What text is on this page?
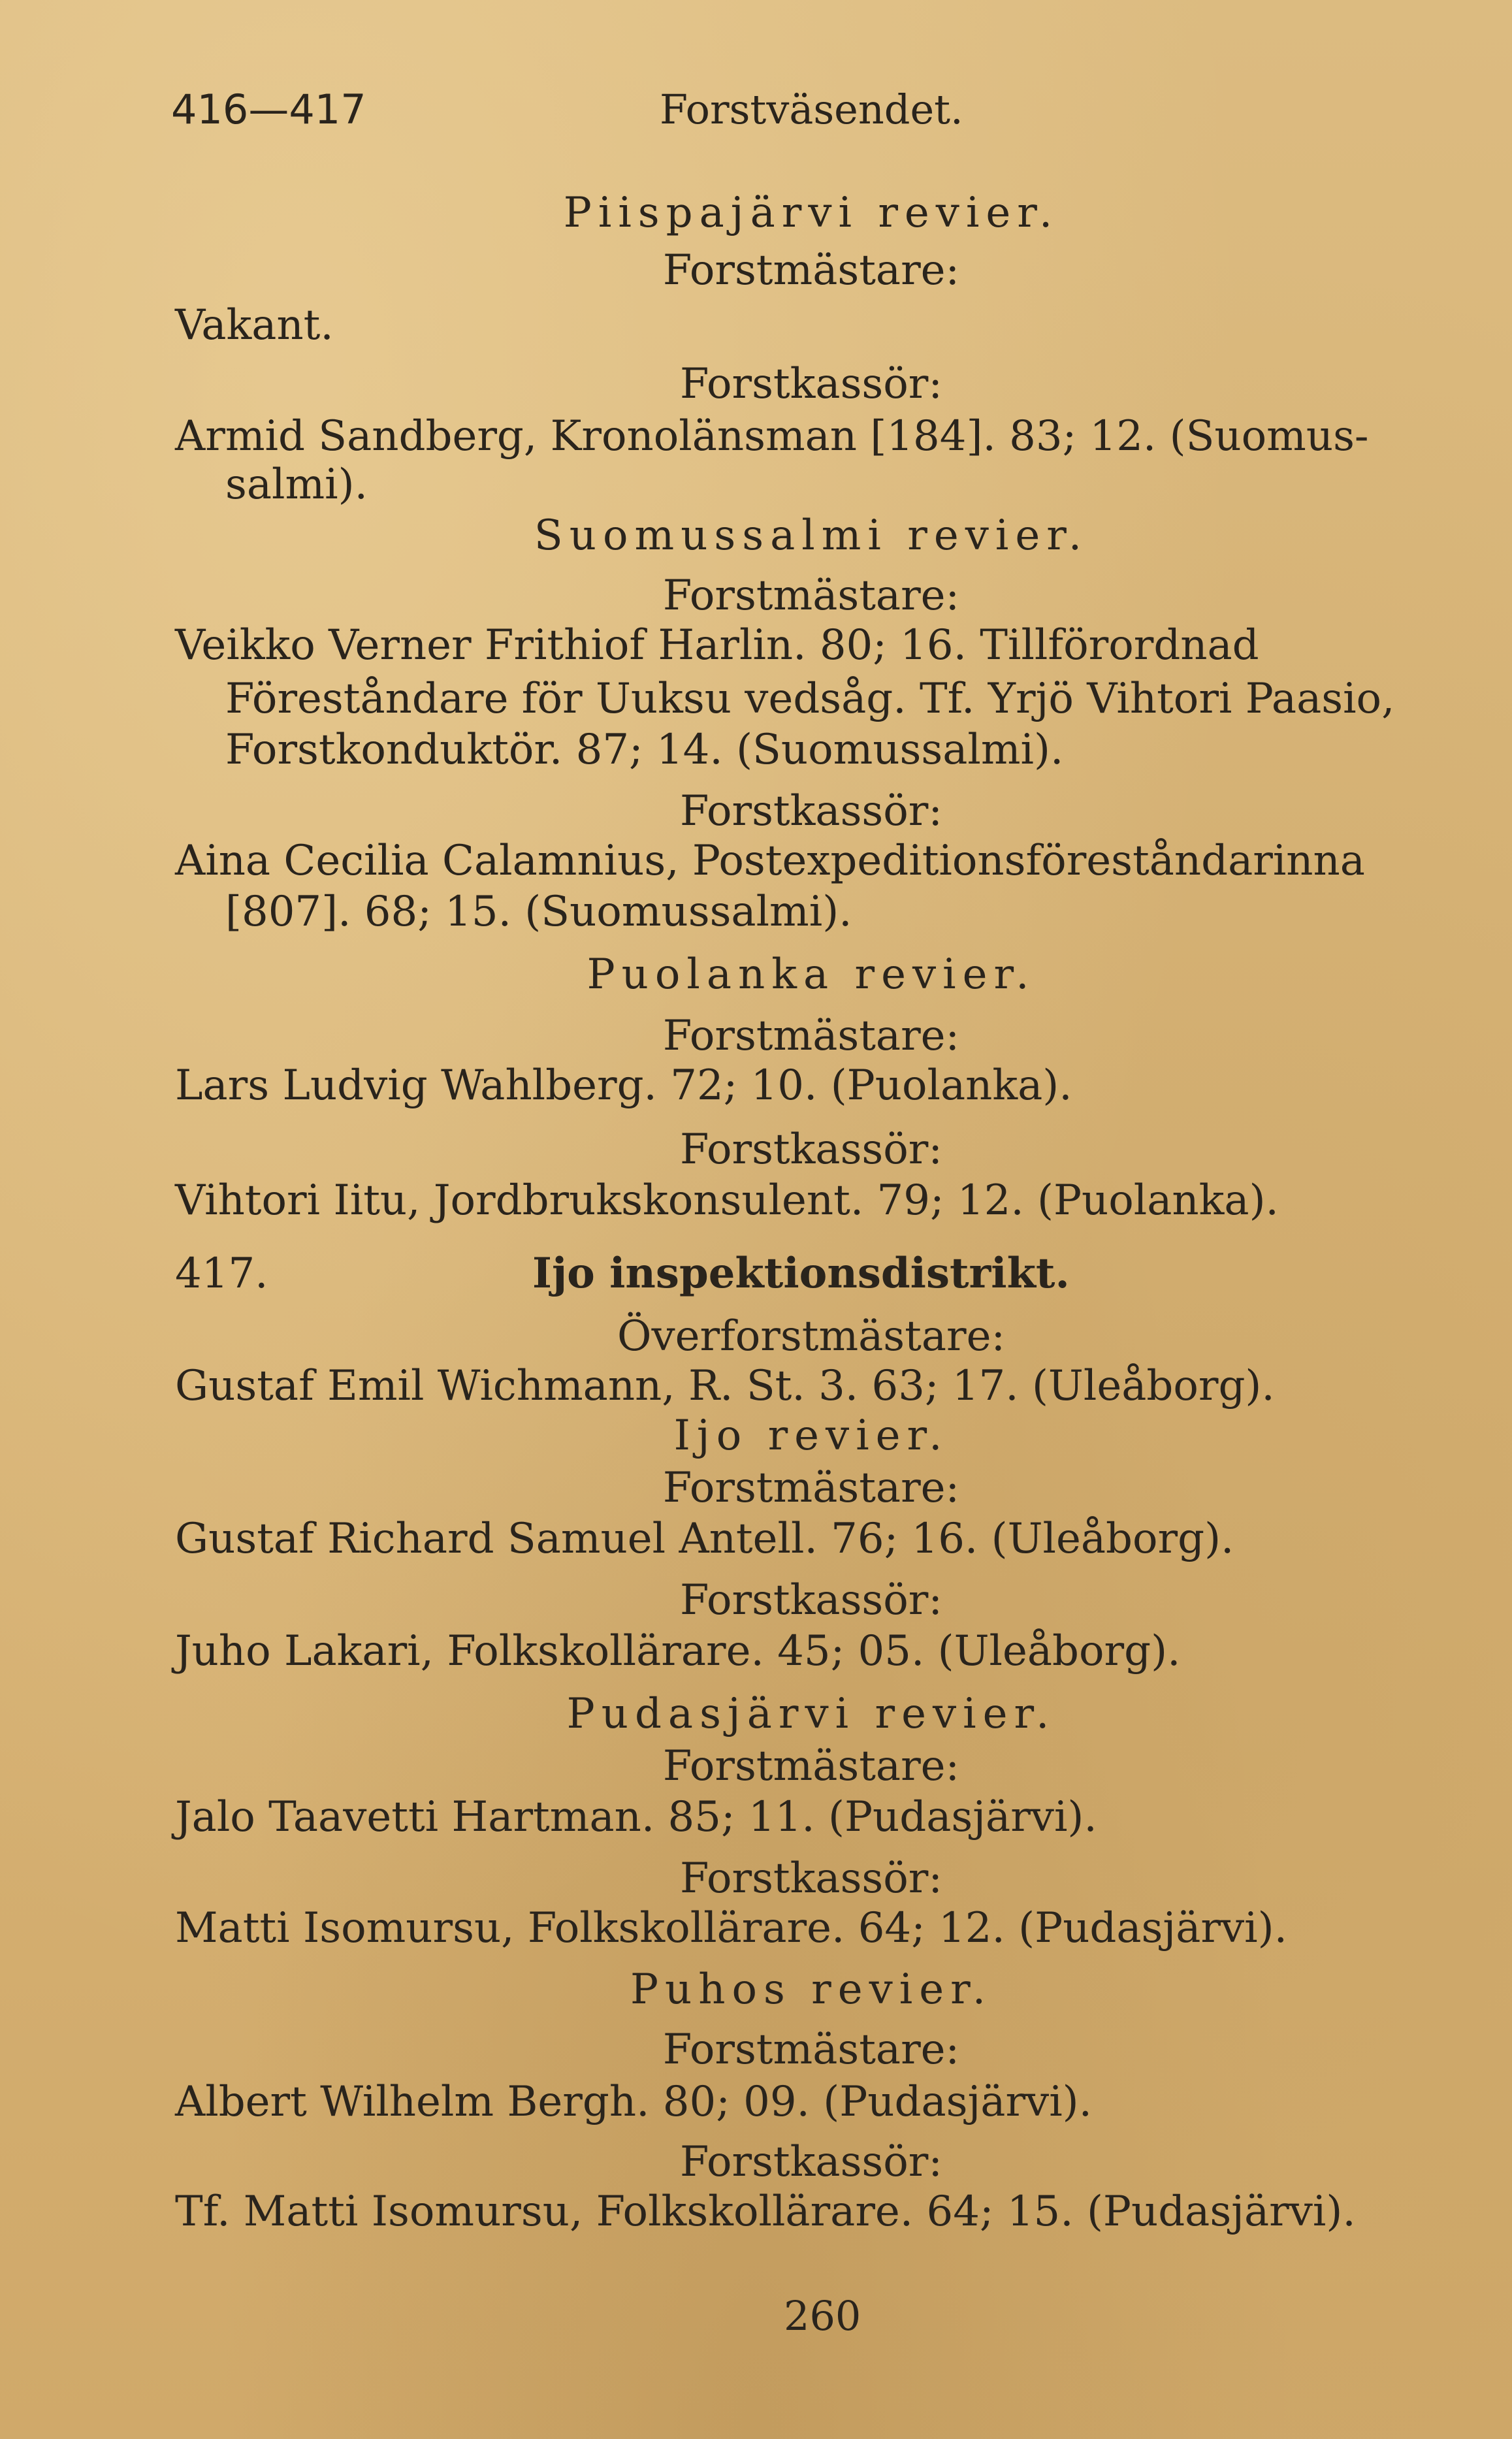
416—417	Forstväsendet.
Piispajärvi revier.
Forstmästare:
Vakant.
Forstkassör:
Armid Sandberg, Kronolänsman [184]. 83; 12. (Suomus-
salmi).
Suomussalmi revier.
Forstmästare:
Veikko Verner Frithiof Harlin. 80; 16. Tillförordnad
Föreståndare för Uuksu vedsåg. Tf. Yrjö Vihtori Paasio,
Forstkonduktör. 87; 14. (Suomussalmi).
Forstkassör:
Aina Cecilia Calamnius, Postexpeditionsföreståndarinna
[807]. 68; 15. (Suomussalmi).
Puolanka revier.
Forstmästare:
Lars Ludvig Wahlberg. 72; 10. (Puolanka).
Forstkassör:
Vihtori Iitu, Jordbrukskonsulent. 79; 12. (Puolanka).
417.	Ijo inspektionsdistrikt.
Överforstmästare:
Gustaf Emil Wichmann, R. St. 3. 63; 17. (Uleåborg).
Ijo revier.
Forstmästare:
Gustaf Richard Samuel Antell. 76; 16. (Uleåborg).
Forstkassör:
Juho Lakari, Folkskollärare. 45; 05. (Uleåborg).
Pudasjärvi revier.
Forstmästare:
Jalo Taavetti Hartman. 85; 11. (Pudasjärvi).
Forstkassör:
Matti Isomursu, Folkskollärare. 64; 12. (Pudasjärvi).
Puhos revier.
Forstmästare:
Albert Wilhelm Bergh. 80; 09. (Pudasjärvi).
Forstkassör:
Tf. Matti Isomursu, Folkskollärare. 64; 15. (Pudasjärvi).
260
